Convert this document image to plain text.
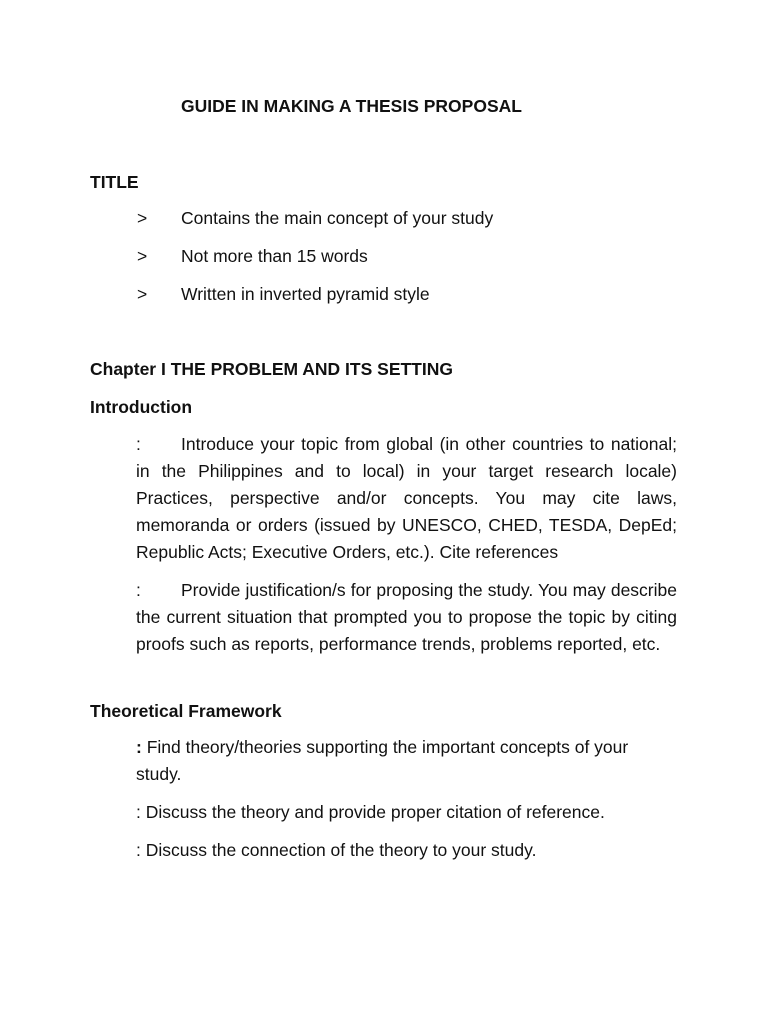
GUIDE IN MAKING A THESIS PROPOSAL
TITLE
> Contains the main concept of your study
> Not more than 15 words
> Written in inverted pyramid style
Chapter I THE PROBLEM AND ITS SETTING
Introduction
: Introduce your topic from global (in other countries to national; in the Philippines and to local) in your target research locale) Practices, perspective and/or concepts. You may cite laws, memoranda or orders (issued by UNESCO, CHED, TESDA, DepEd; Republic Acts; Executive Orders, etc.). Cite references
: Provide justification/s for proposing the study. You may describe the current situation that prompted you to propose the topic by citing proofs such as reports, performance trends, problems reported, etc.
Theoretical Framework
: Find theory/theories supporting the important concepts of your study.
: Discuss the theory and provide proper citation of reference.
: Discuss the connection of the theory to your study.
